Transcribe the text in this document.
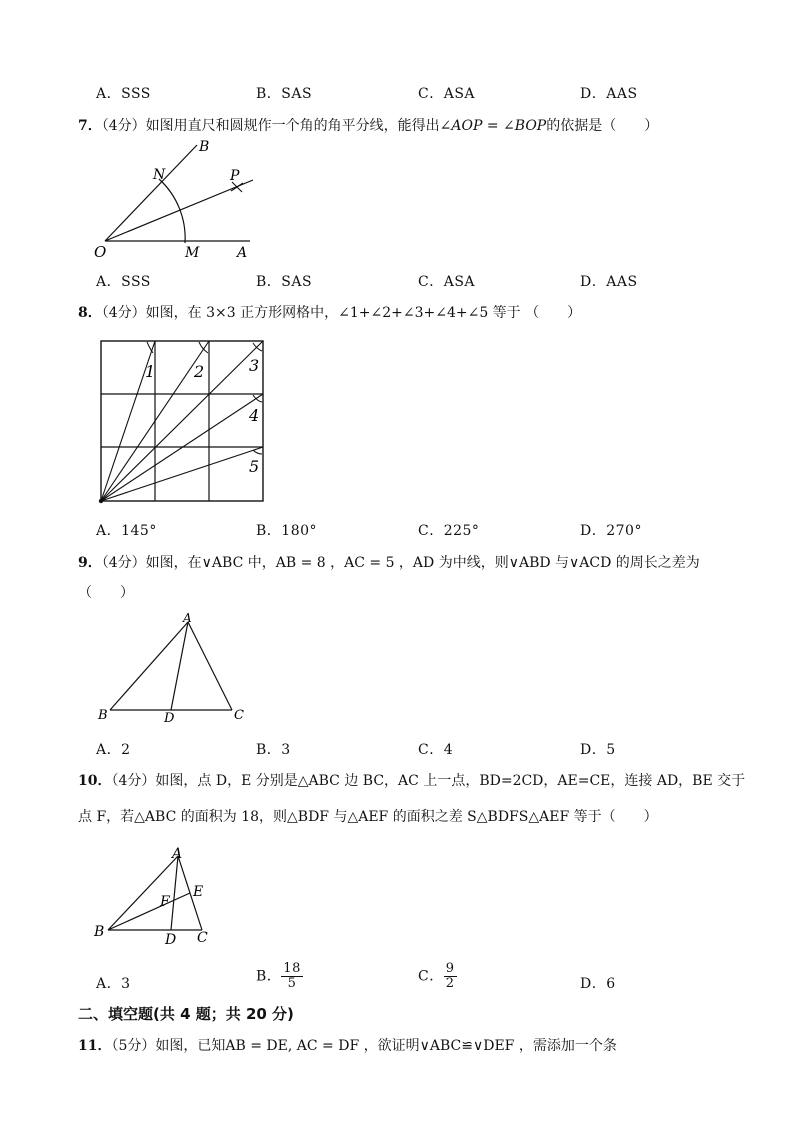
A．SSS	B．SAS	C．ASA	D．AAS
7．（4分）如图用直尺和圆规作一个角的角平分线，能得出∠AOP = ∠BOP的依据是（　　）
B
N	P
O	M	A
A．SSS	B．SAS	C．ASA	D．AAS
8．（4分）如图，在 3×3 正方形网格中，∠1+∠2+∠3+∠4+∠5 等于 （　　）
1 2	3
4
5
A．145°	B．180°	C．225°	D．270°
9．（4分）如图，在∨ABC 中，AB = 8 ，AC = 5 ，AD 为中线，则∨ABD 与∨ACD 的周长之差为
（　　）
A
B	D	C
A．2	B．3	C．4	D．5
10．（4分）如图，点 D，E 分别是△ABC 边 BC，AC 上一点，BD=2CD，AE=CE，连接 AD，BE 交于
点 F，若△ABC 的面积为 18，则△BDF 与△AEF 的面积之差 S△BDFS△AEF 等于（　　）
A
E
F
B	D C
A．3	B． $\frac{18}{5}$	C． $\frac{9}{2}$	D．6
二、填空题(共 4 题；共 20 分)
11．（5分）如图，已知AB = DE, AC = DF ，欲证明∨ABC≌∨DEF ，需添加一个条
